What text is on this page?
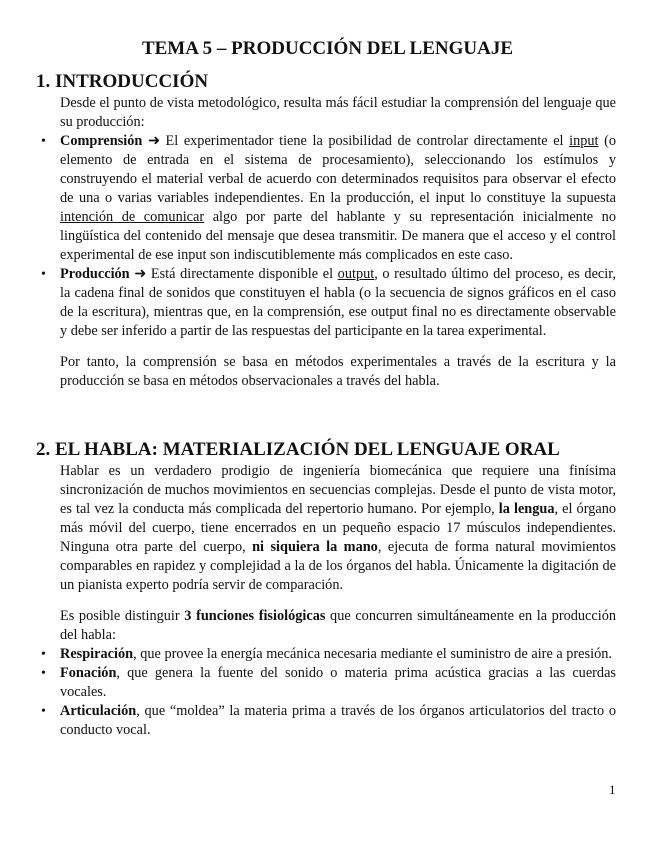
TEMA 5 – PRODUCCIÓN DEL LENGUAJE
1. INTRODUCCIÓN

Desde el punto de vista metodológico, resulta más fácil estudiar la comprensión del lenguaje que su producción:

• Comprensión ➜ El experimentador tiene la posibilidad de controlar directamente el input (o elemento de entrada en el sistema de procesamiento), seleccionando los estímulos y construyendo el material verbal de acuerdo con determinados requisitos para observar el efecto de una o varias variables independientes. En la producción, el input lo constituye la supuesta intención de comunicar algo por parte del hablante y su representación inicialmente no lingüística del contenido del mensaje que desea transmitir. De manera que el acceso y el control experimental de ese input son indiscutiblemente más complicados en este caso.
• Producción ➜ Está directamente disponible el output, o resultado último del proceso, es decir, la cadena final de sonidos que constituyen el habla (o la secuencia de signos gráficos en el caso de la escritura), mientras que, en la comprensión, ese output final no es directamente observable y debe ser inferido a partir de las respuestas del participante en la tarea experimental.

Por tanto, la comprensión se basa en métodos experimentales a través de la escritura y la producción se basa en métodos observacionales a través del habla.

2. EL HABLA: MATERIALIZACIÓN DEL LENGUAJE ORAL

Hablar es un verdadero prodigio de ingeniería biomecánica que requiere una finísima sincronización de muchos movimientos en secuencias complejas. Desde el punto de vista motor, es tal vez la conducta más complicada del repertorio humano. Por ejemplo, la lengua, el órgano más móvil del cuerpo, tiene encerrados en un pequeño espacio 17 músculos independientes. Ninguna otra parte del cuerpo, ni siquiera la mano, ejecuta de forma natural movimientos comparables en rapidez y complejidad a la de los órganos del habla. Únicamente la digitación de un pianista experto podría servir de comparación.

Es posible distinguir 3 funciones fisiológicas que concurren simultáneamente en la producción del habla:

• Respiración, que provee la energía mecánica necesaria mediante el suministro de aire a presión.
• Fonación, que genera la fuente del sonido o materia prima acústica gracias a las cuerdas vocales.
• Articulación, que “moldea” la materia prima a través de los órganos articulatorios del tracto o conducto vocal.
1
